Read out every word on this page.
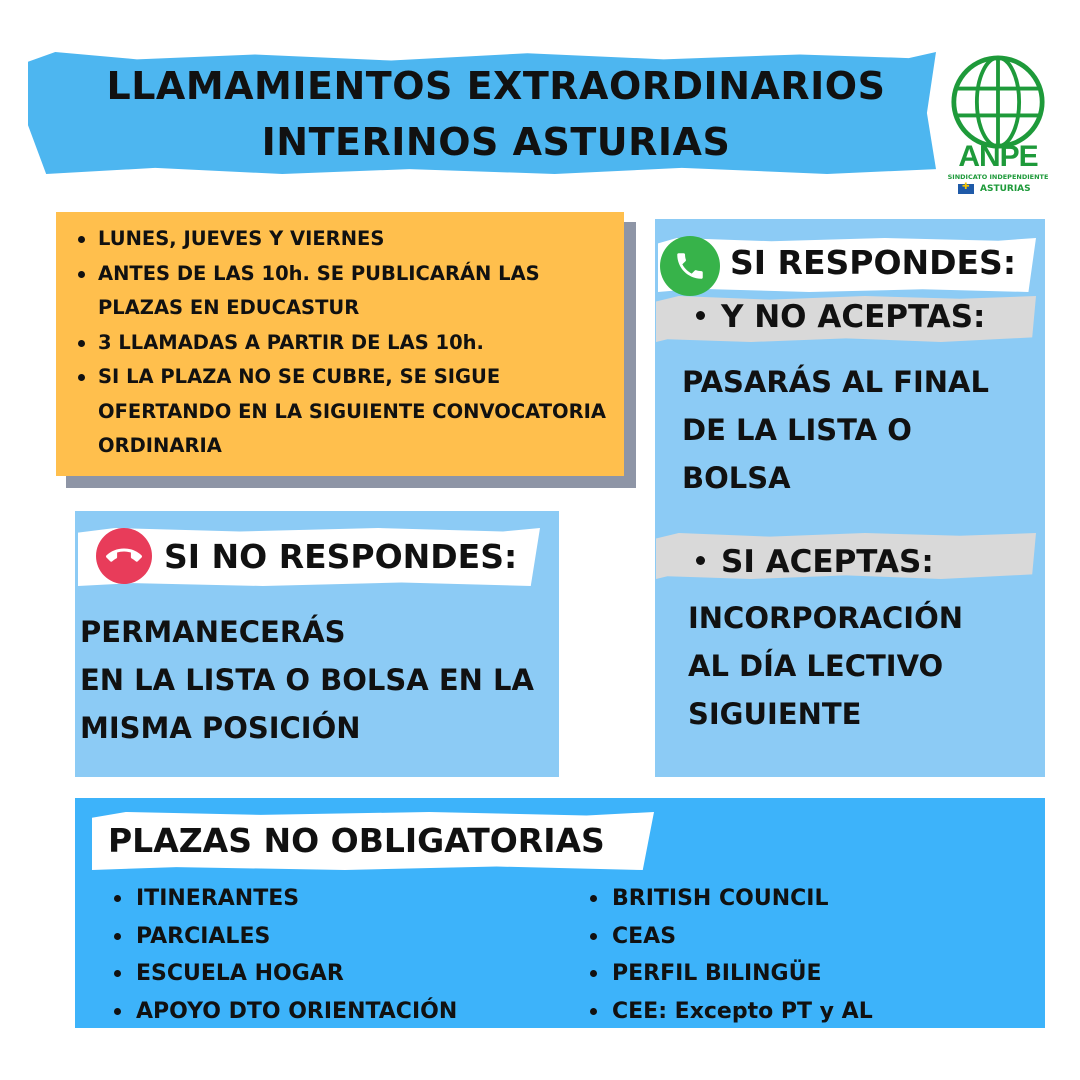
LLAMAMIENTOS EXTRAORDINARIOS
INTERINOS ASTURIAS	ANPE
SINDICATO INDEPENDIENTE
✚ASTURIAS
LUNES, JUEVES Y VIERNES
ANTES DE LAS 10h. SE PUBLICARÁN LAS PLAZAS EN EDUCASTUR
3 LLAMADAS A PARTIR DE LAS 10h.
SI LA PLAZA NO SE CUBRE, SE SIGUE OFERTANDO EN LA SIGUIENTE CONVOCATORIA ORDINARIA
SI RESPONDES:
Y NO ACEPTAS:
PASARÁS AL FINAL
DE LA LISTA O
BOLSA
SI ACEPTAS:
INCORPORACIÓN
AL DÍA LECTIVO
SIGUIENTE
SI NO RESPONDES:
PERMANECERÁS
EN LA LISTA O BOLSA EN LA
MISMA POSICIÓN
PLAZAS NO OBLIGATORIAS
ITINERANTES
PARCIALES
ESCUELA HOGAR
APOYO DTO ORIENTACIÓN
BRITISH COUNCIL
CEAS
PERFIL BILINGÜE
CEE: Excepto PT y AL
